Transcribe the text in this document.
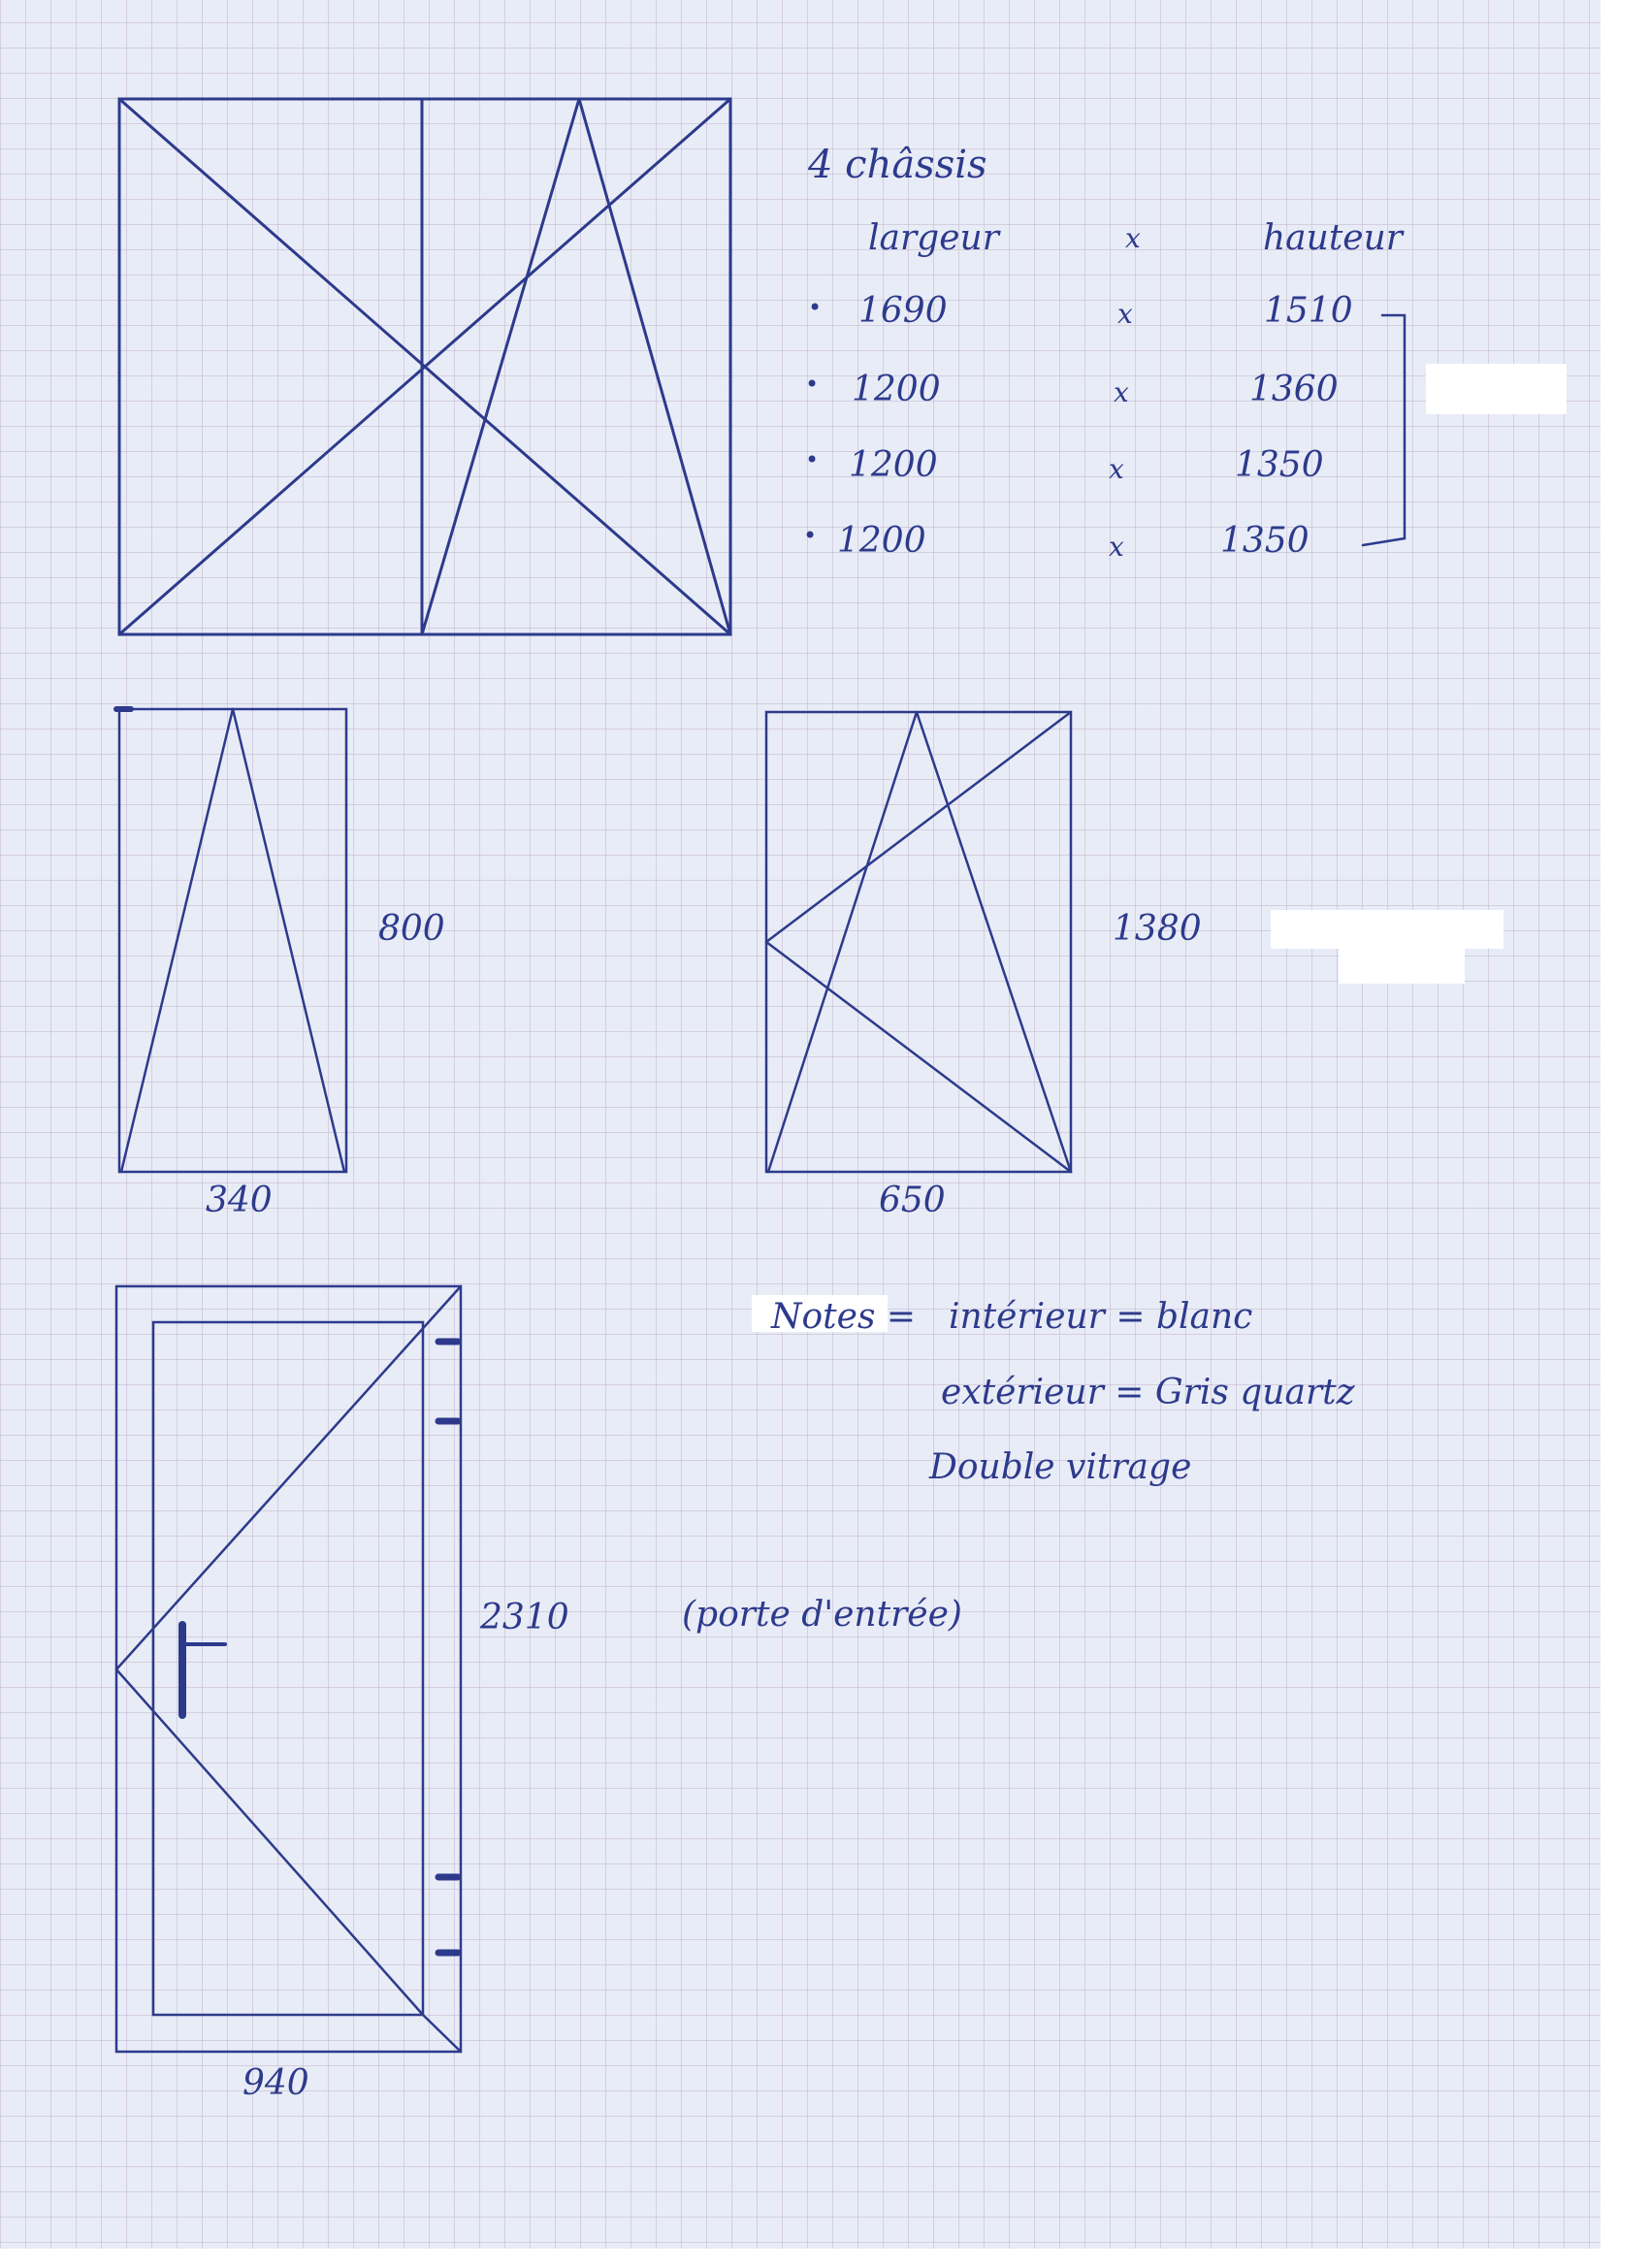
4 châssis
largeur	x	hauteur
• 1690	x	1510
• 1200	x	1360
• 1200	x	1350
• 1200	x	1350
800
340
1380
650
Notes = intérieur = blanc
extérieur = Gris quartz
Double vitrage
2310	(porte d'entrée)
940
